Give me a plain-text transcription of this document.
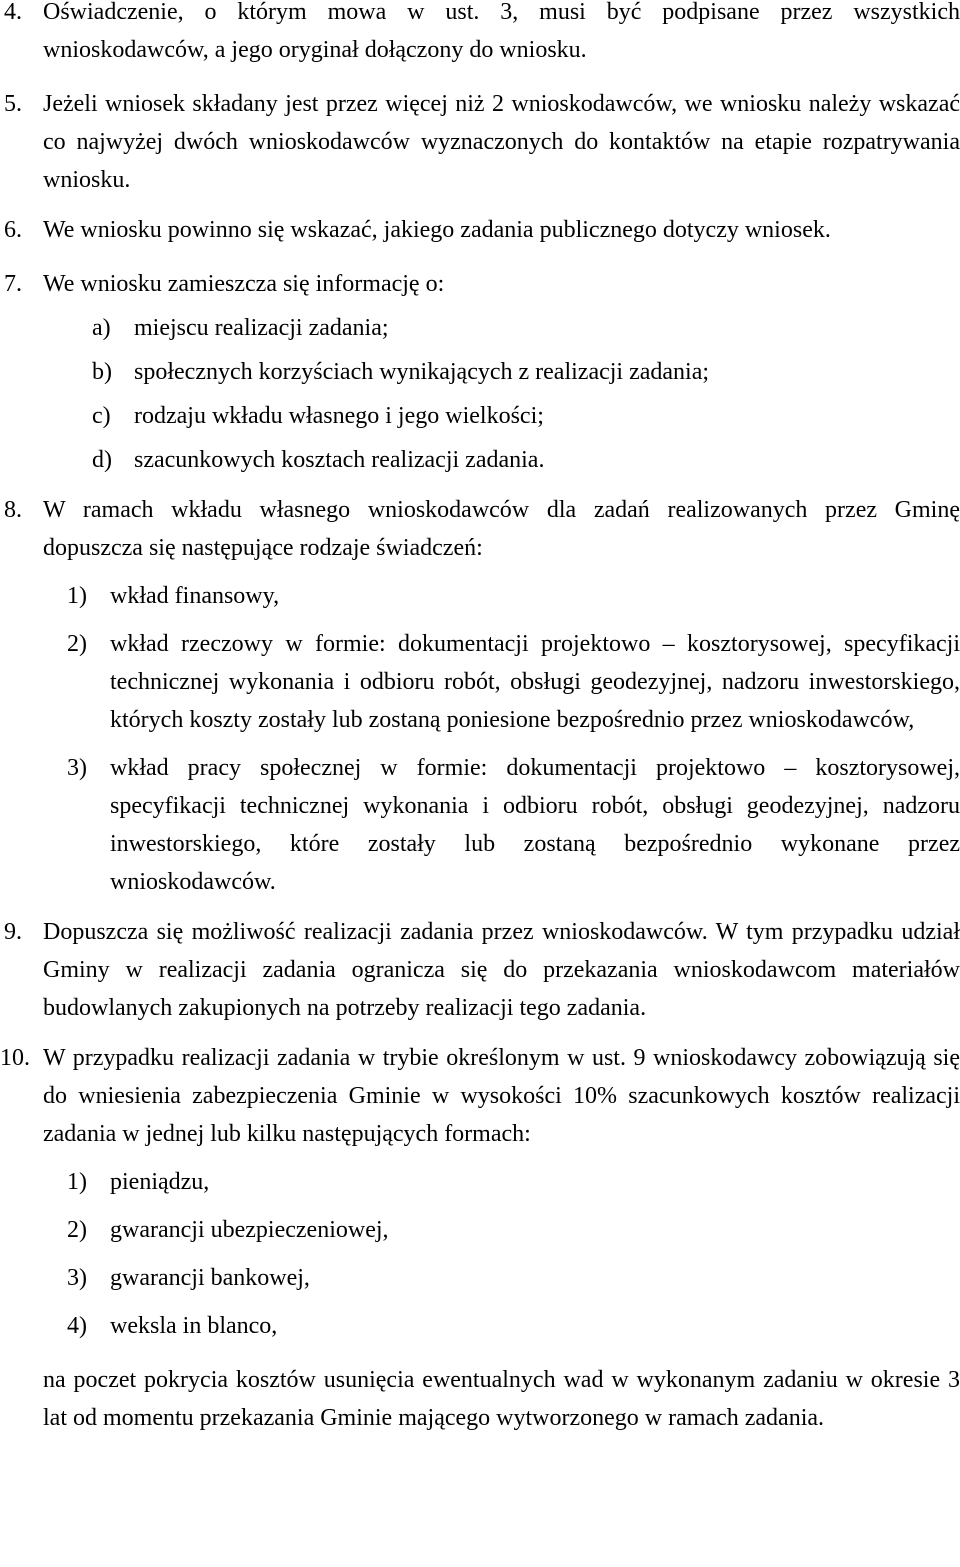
4. Oświadczenie, o którym mowa w ust. 3, musi być podpisane przez wszystkich wnioskodawców, a jego oryginał dołączony do wniosku.
5. Jeżeli wniosek składany jest przez więcej niż 2 wnioskodawców, we wniosku należy wskazać co najwyżej dwóch wnioskodawców wyznaczonych do kontaktów na etapie rozpatrywania wniosku.
6. We wniosku powinno się wskazać, jakiego zadania publicznego dotyczy wniosek.
7. We wniosku zamieszcza się informację o:
a) miejscu realizacji zadania;
b) społecznych korzyściach wynikających z realizacji zadania;
c) rodzaju wkładu własnego i jego wielkości;
d) szacunkowych kosztach realizacji zadania.
8. W ramach wkładu własnego wnioskodawców dla zadań realizowanych przez Gminę dopuszcza się następujące rodzaje świadczeń:
1) wkład finansowy,
2) wkład rzeczowy w formie: dokumentacji projektowo – kosztorysowej, specyfikacji technicznej wykonania i odbioru robót, obsługi geodezyjnej, nadzoru inwestorskiego, których koszty zostały lub zostaną poniesione bezpośrednio przez wnioskodawców,
3) wkład pracy społecznej w formie: dokumentacji projektowo – kosztorysowej, specyfikacji technicznej wykonania i odbioru robót, obsługi geodezyjnej, nadzoru inwestorskiego, które zostały lub zostaną bezpośrednio wykonane przez wnioskodawców.
9. Dopuszcza się możliwość realizacji zadania przez wnioskodawców. W tym przypadku udział Gminy w realizacji zadania ogranicza się do przekazania wnioskodawcom materiałów budowlanych zakupionych na potrzeby realizacji tego zadania.
10. W przypadku realizacji zadania w trybie określonym w ust. 9 wnioskodawcy zobowiązują się do wniesienia zabezpieczenia Gminie w wysokości 10% szacunkowych kosztów realizacji zadania w jednej lub kilku następujących formach:
1) pieniądzu,
2) gwarancji ubezpieczeniowej,
3) gwarancji bankowej,
4) weksla in blanco,
na poczet pokrycia kosztów usunięcia ewentualnych wad w wykonanym zadaniu w okresie 3 lat od momentu przekazania Gminie mającego wytworzonego w ramach zadania.
